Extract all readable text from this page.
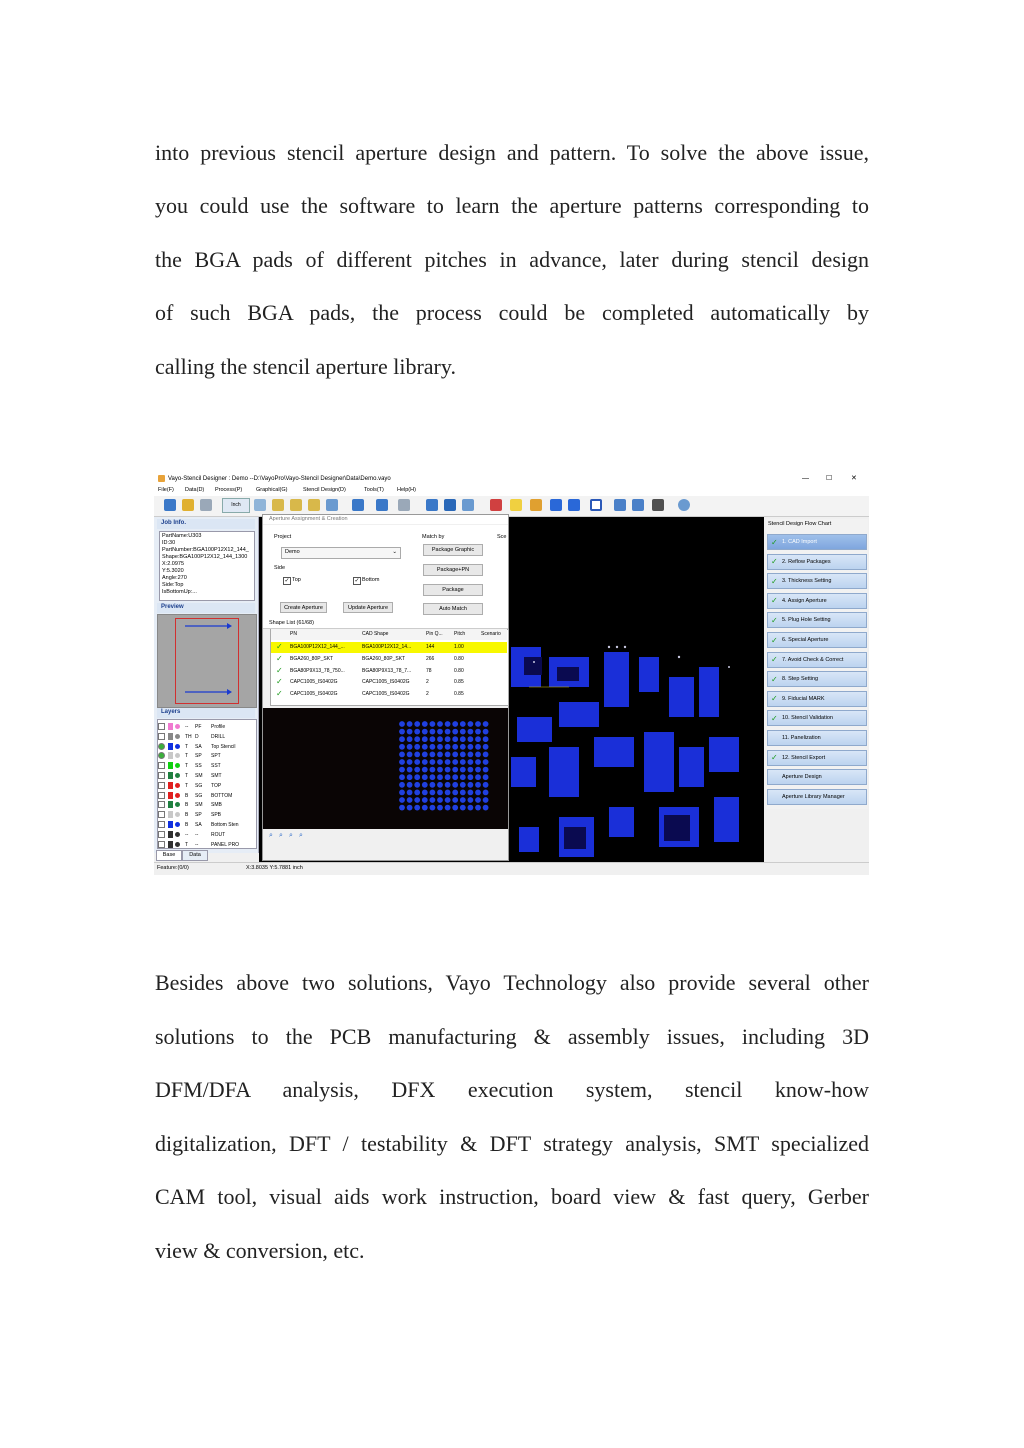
into previous stencil aperture design and pattern. To solve the above issue,
you could use the software to learn the aperture patterns corresponding to
the BGA pads of different pitches in advance, later during stencil design
of such BGA pads, the process could be completed automatically by
calling the stencil aperture library.
Vayo-Stencil Designer : Demo --D:\VayoPro\Vayo-Stencil Designer\Data\Demo.vayo	— ☐	✕
File(F) Data(D) Process(P)	Graphical(G)	Stencil Design(D)	Tools(T) Help(H)
Inch
Job Info.
PartName:U303
ID:30
PartNumber:BGA100P12X12_144_
Shape:BGA100P12X12_144_1300
X:2.0975
Y:5.3020
Angle:270
Side:Top
IsBottomUp:...
Preview
Layers
Base	Data
Aperture Assignment & Creation
Project
Demo	⌄
Side
✓ Top	✓ Bottom
Create Aperture	Update Aperture
Match by	Sce
Package Graphic
Package+PN
Package
Auto Match
Shape List (61/68)
⌕ ⌕ ⌕ ⌕
Stencil Design Flow Chart
Feature:(0/0)	X:3.8035 Y:5.7881 inch
-- PF Profile
TH D DRILL
T SA Top Stencil
T SP SPT
T SS SST
T SM SMT
T SG TOP
B SG BOTTOM
B SM SMB
B SP SPB
B SA Bottom Sten
-- --	ROUT
T --	PANEL PRO
PN	CAD Shape	Pin Q... Pitch	Scenario
✓ BGA100P12X12_144_...	BGA100P12X12_14...	144	1.00
✓ BGA260_80P_SKT	BGA260_80P_SKT	266	0.80
✓ BGA80P9X13_78_750...	BGA80P9X13_78_7...	78	0.80
✓ CAPC1005_IS0402G	CAPC1005_IS0402G	2	0.85
✓ CAPC1005_IS0402G	CAPC1005_IS0402G	2	0.85
✓ 1. CAD Import
✓ 2. Reflow Packages
✓ 3. Thickness Setting
✓ 4. Assign Aperture
✓ 5. Plug Hole Setting
✓ 6. Special Aperture
✓ 7. Avoid Check & Correct
✓ 8. Step Setting
✓ 9. Fiducial MARK
✓ 10. Stencil Validation
11. Panelization
✓ 12. Stencil Export
Aperture Design
Aperture Library Manager
Besides above two solutions, Vayo Technology also provide several other
solutions to the PCB manufacturing & assembly issues, including 3D
DFM/DFA analysis, DFX execution system, stencil know-how
digitalization, DFT / testability & DFT strategy analysis, SMT specialized
CAM tool, visual aids work instruction, board view & fast query, Gerber
view & conversion, etc.
